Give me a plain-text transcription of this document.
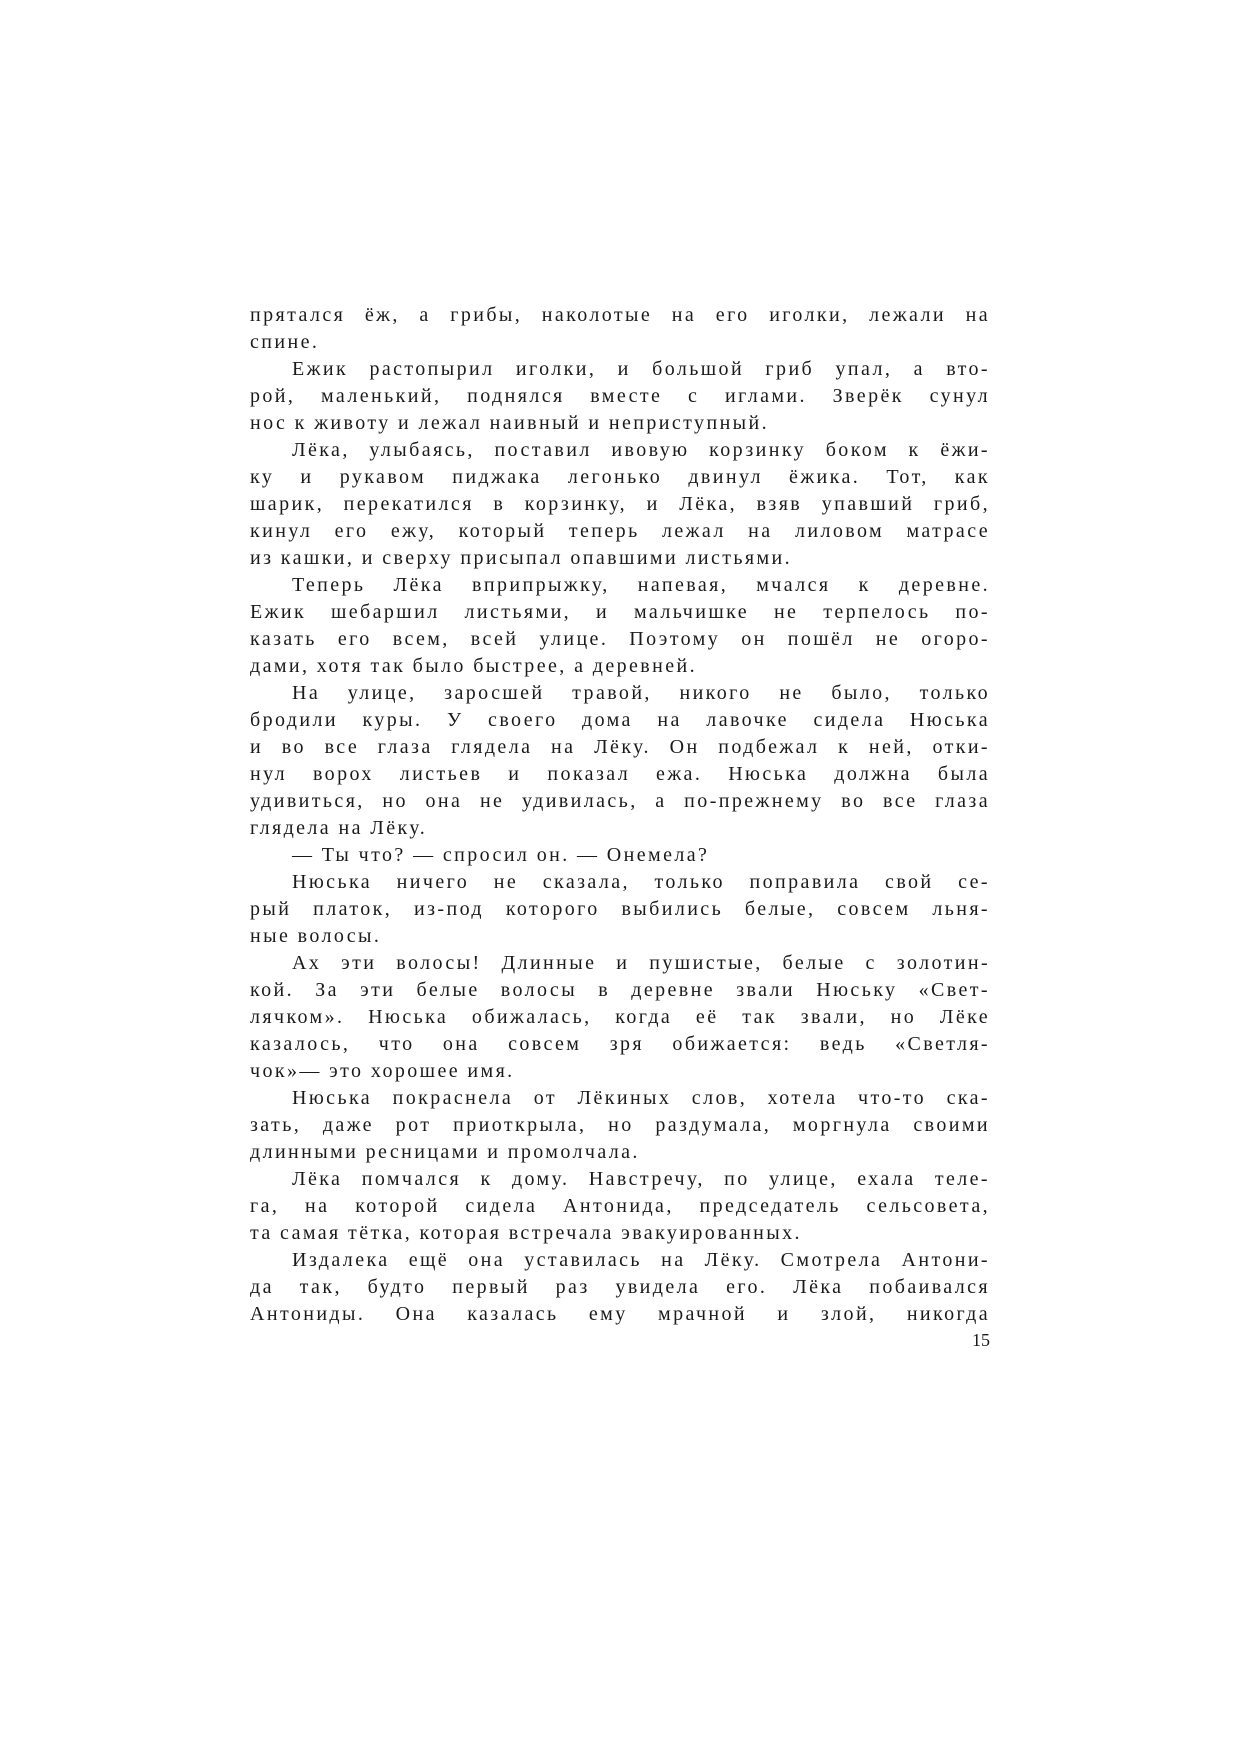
прятался ёж, а грибы, наколотые на его иголки, лежали на
спине.
Ежик растопырил иголки, и большой гриб упал, а вто-
рой, маленький, поднялся вместе с иглами. Зверёк сунул
нос к животу и лежал наивный и неприступный.
Лёка, улыбаясь, поставил ивовую корзинку боком к ёжи-
ку и рукавом пиджака легонько двинул ёжика. Тот, как
шарик, перекатился в корзинку, и Лёка, взяв упавший гриб,
кинул его ежу, который теперь лежал на лиловом матрасе
из кашки, и сверху присыпал опавшими листьями.
Теперь Лёка вприпрыжку, напевая, мчался к деревне.
Ежик шебаршил листьями, и мальчишке не терпелось по-
казать его всем, всей улице. Поэтому он пошёл не огоро-
дами, хотя так было быстрее, а деревней.
На улице, заросшей травой, никого не было, только
бродили куры. У своего дома на лавочке сидела Нюська
и во все глаза глядела на Лёку. Он подбежал к ней, отки-
нул ворох листьев и показал ежа. Нюська должна была
удивиться, но она не удивилась, а по-прежнему во все глаза
глядела на Лёку.
— Ты что? — спросил он. — Онемела?
Нюська ничего не сказала, только поправила свой се-
рый платок, из-под которого выбились белые, совсем льня-
ные волосы.
Ах эти волосы! Длинные и пушистые, белые с золотин-
кой. За эти белые волосы в деревне звали Нюську «Свет-
лячком». Нюська обижалась, когда её так звали, но Лёке
казалось, что она совсем зря обижается: ведь «Светля-
чок»— это хорошее имя.
Нюська покраснела от Лёкиных слов, хотела что-то ска-
зать, даже рот приоткрыла, но раздумала, моргнула своими
длинными ресницами и промолчала.
Лёка помчался к дому. Навстречу, по улице, ехала теле-
га, на которой сидела Антонида, председатель сельсовета,
та самая тётка, которая встречала эвакуированных.
Издалека ещё она уставилась на Лёку. Смотрела Антони-
да так, будто первый раз увидела его. Лёка побаивался
Антониды. Она казалась ему мрачной и злой, никогда
15
